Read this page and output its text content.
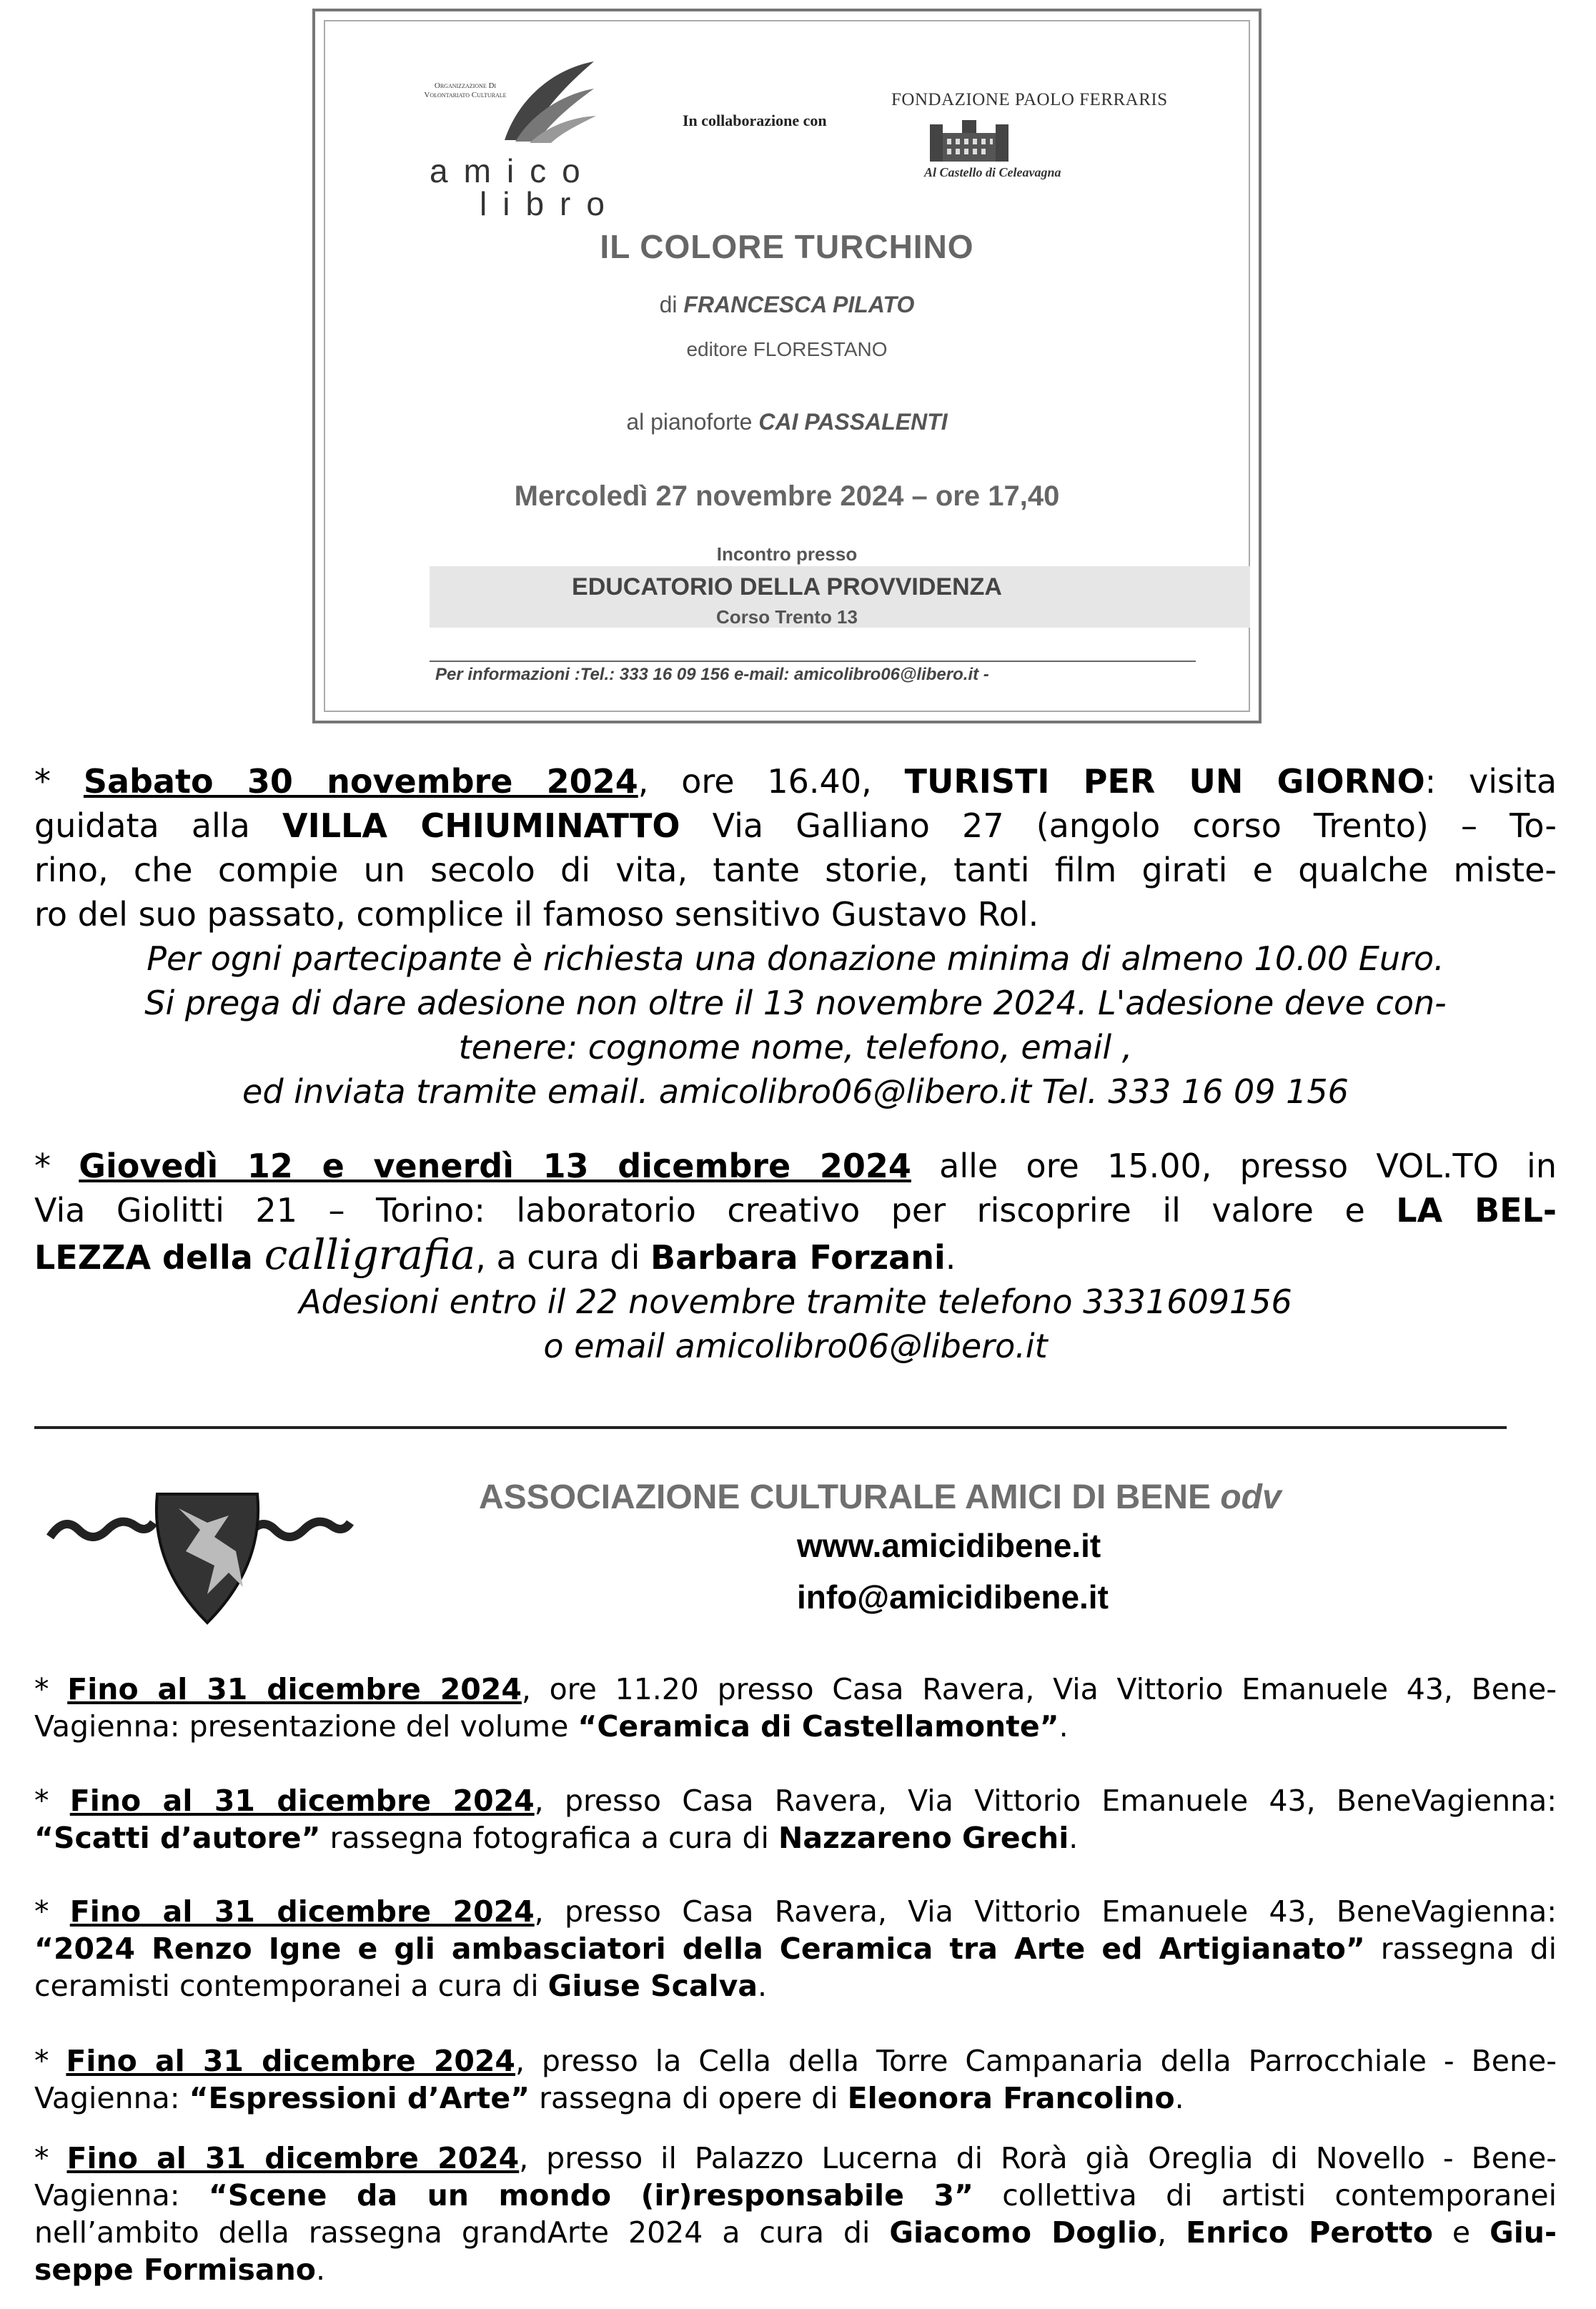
Organizzazione Di Volontariato Culturale
amico
libro
In collaborazione con
FONDAZIONE PAOLO FERRARIS
Al Castello di Celeavagna
IL COLORE TURCHINO
di FRANCESCA PILATO
editore FLORESTANO
al pianoforte CAI PASSALENTI
Mercoledì 27 novembre 2024 – ore 17,40
Incontro presso
EDUCATORIO DELLA PROVVIDENZA
Corso Trento 13
Per informazioni :Tel.: 333 16 09 156 e-mail: amicolibro06@libero.it -
* Sabato 30 novembre 2024, ore 16.40, TURISTI PER UN GIORNO: visita
guidata alla VILLA CHIUMINATTO Via Galliano 27 (angolo corso Trento) – To-
rino, che compie un secolo di vita, tante storie, tanti film girati e qualche miste-
ro del suo passato, complice il famoso sensitivo Gustavo Rol.
Per ogni partecipante è richiesta una donazione minima di almeno 10.00 Euro.
Si prega di dare adesione non oltre il 13 novembre 2024. L'adesione deve con-
tenere: cognome nome, telefono, email ,
ed inviata tramite email. amicolibro06@libero.it Tel. 333 16 09 156
* Giovedì 12 e venerdì 13 dicembre 2024 alle ore 15.00, presso VOL.TO in
Via Giolitti 21 – Torino: laboratorio creativo per riscoprire il valore e LA BEL-
LEZZA della calligrafia, a cura di Barbara Forzani.
Adesioni entro il 22 novembre tramite telefono 3331609156
o email amicolibro06@libero.it
ASSOCIAZIONE CULTURALE AMICI DI BENE odv
www.amicidibene.it
info@amicidibene.it
* Fino al 31 dicembre 2024, ore 11.20 presso Casa Ravera, Via Vittorio Emanuele 43, Bene-
Vagienna: presentazione del volume “Ceramica di Castellamonte”.
* Fino al 31 dicembre 2024, presso Casa Ravera, Via Vittorio Emanuele 43, BeneVagienna:
“Scatti d’autore” rassegna fotografica a cura di Nazzareno Grechi.
* Fino al 31 dicembre 2024, presso Casa Ravera, Via Vittorio Emanuele 43, BeneVagienna:
“2024 Renzo Igne e gli ambasciatori della Ceramica tra Arte ed Artigianato” rassegna di
ceramisti contemporanei a cura di Giuse Scalva.
* Fino al 31 dicembre 2024, presso la Cella della Torre Campanaria della Parrocchiale - Bene-
Vagienna: “Espressioni d’Arte” rassegna di opere di Eleonora Francolino.
* Fino al 31 dicembre 2024, presso il Palazzo Lucerna di Rorà già Oreglia di Novello - Bene-
Vagienna: “Scene da un mondo (ir)responsabile 3” collettiva di artisti contemporanei
nell’ambito della rassegna grandArte 2024 a cura di Giacomo Doglio, Enrico Perotto e Giu-
seppe Formisano.
